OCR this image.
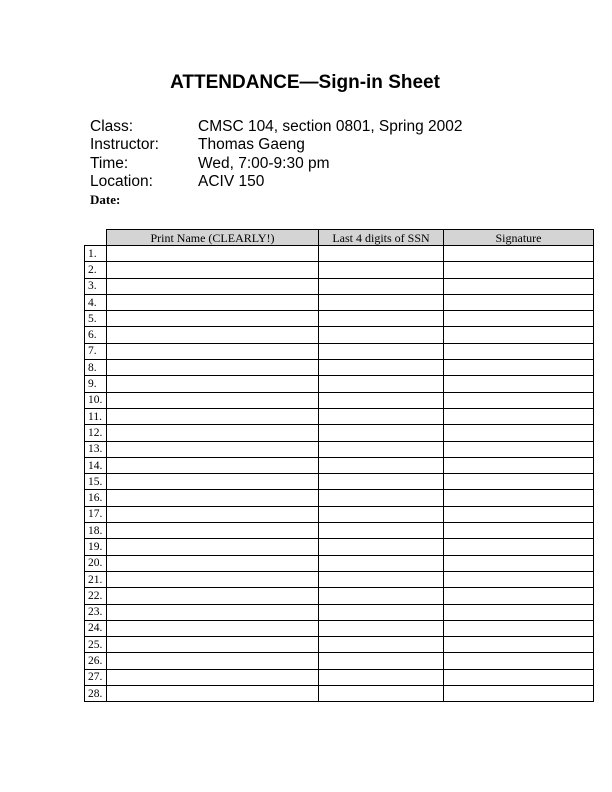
ATTENDANCE—Sign-in Sheet
Class:	CMSC 104, section 0801, Spring 2002
Instructor:	Thomas Gaeng
Time:	Wed, 7:00-9:30 pm
Location:	ACIV 150
Date:
	Print Name (CLEARLY!)	Last 4 digits of SSN	Signature
1.			
2.			
3.			
4.			
5.			
6.			
7.			
8.			
9.			
10.			
11.			
12.			
13.			
14.			
15.			
16.			
17.			
18.			
19.			
20.			
21.			
22.			
23.			
24.			
25.			
26.			
27.			
28.			
